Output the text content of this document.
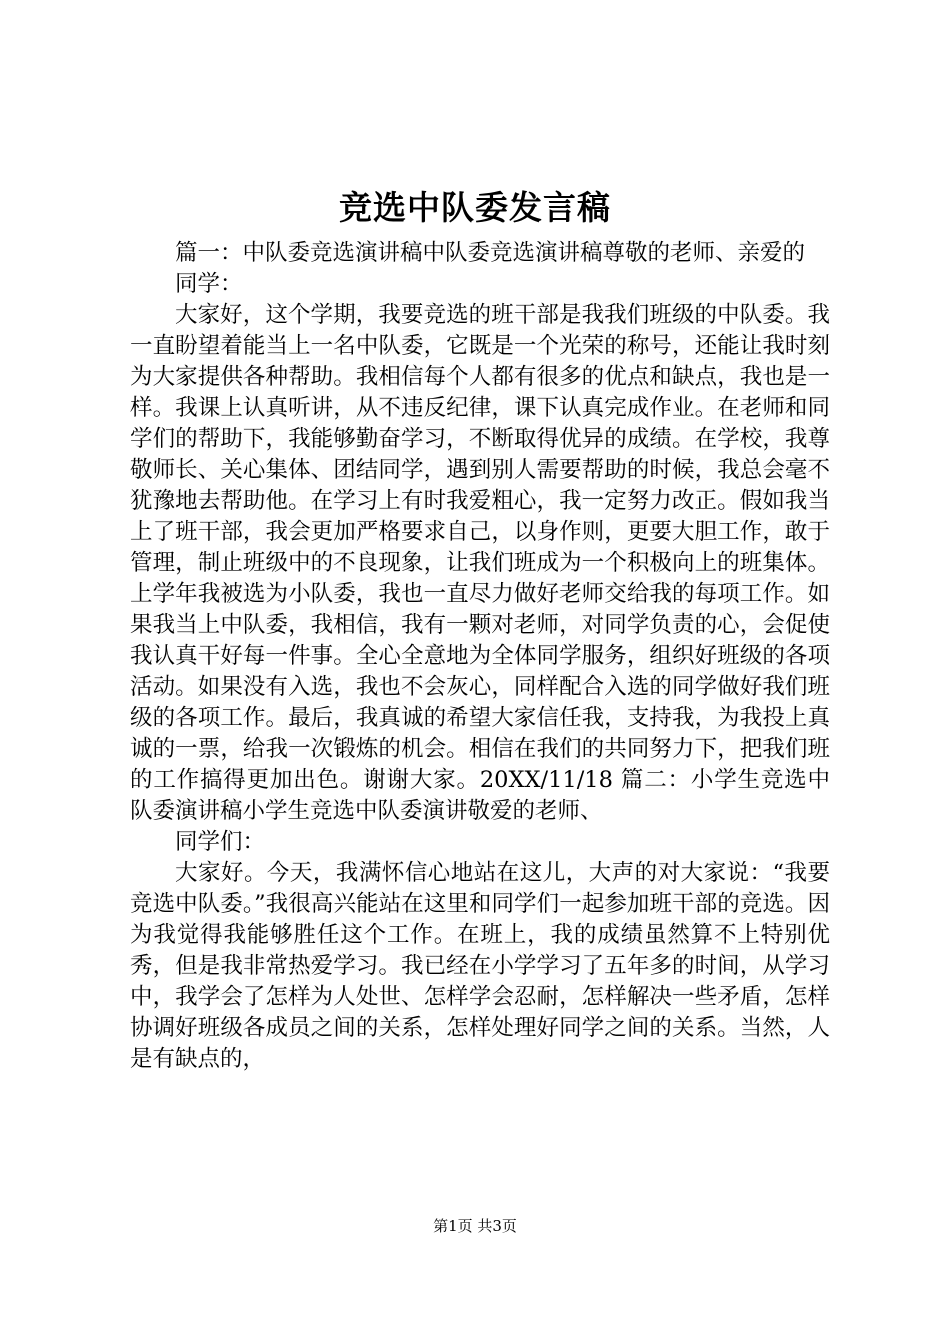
竞选中队委发言稿

篇一：中队委竞选演讲稿中队委竞选演讲稿尊敬的老师、亲爱的

同学：

大家好，这个学期，我要竞选的班干部是我我们班级的中队委。我一直盼望着能当上一名中队委，它既是一个光荣的称号，还能让我时刻为大家提供各种帮助。我相信每个人都有很多的优点和缺点，我也是一样。我课上认真听讲，从不违反纪律，课下认真完成作业。在老师和同学们的帮助下，我能够勤奋学习，不断取得优异的成绩。在学校，我尊敬师长、关心集体、团结同学，遇到别人需要帮助的时候，我总会毫不犹豫地去帮助他。在学习上有时我爱粗心，我一定努力改正。假如我当上了班干部，我会更加严格要求自己，以身作则，更要大胆工作，敢于管理，制止班级中的不良现象，让我们班成为一个积极向上的班集体。上学年我被选为小队委，我也一直尽力做好老师交给我的每项工作。如果我当上中队委，我相信，我有一颗对老师，对同学负责的心，会促使我认真干好每一件事。全心全意地为全体同学服务，组织好班级的各项活动。如果没有入选，我也不会灰心，同样配合入选的同学做好我们班级的各项工作。最后，我真诚的希望大家信任我，支持我，为我投上真诚的一票，给我一次锻炼的机会。相信在我们的共同努力下，把我们班的工作搞得更加出色。谢谢大家。20XX/11/18 篇二：小学生竞选中队委演讲稿小学生竞选中队委演讲敬爱的老师、

同学们：

大家好。今天，我满怀信心地站在这儿，大声的对大家说：“我要竞选中队委。”我很高兴能站在这里和同学们一起参加班干部的竞选。因为我觉得我能够胜任这个工作。在班上，我的成绩虽然算不上特别优秀，但是我非常热爱学习。我已经在小学学习了五年多的时间，从学习中，我学会了怎样为人处世、怎样学会忍耐，怎样解决一些矛盾，怎样协调好班级各成员之间的关系，怎样处理好同学之间的关系。当然，人是有缺点的，

第1页 共3页
